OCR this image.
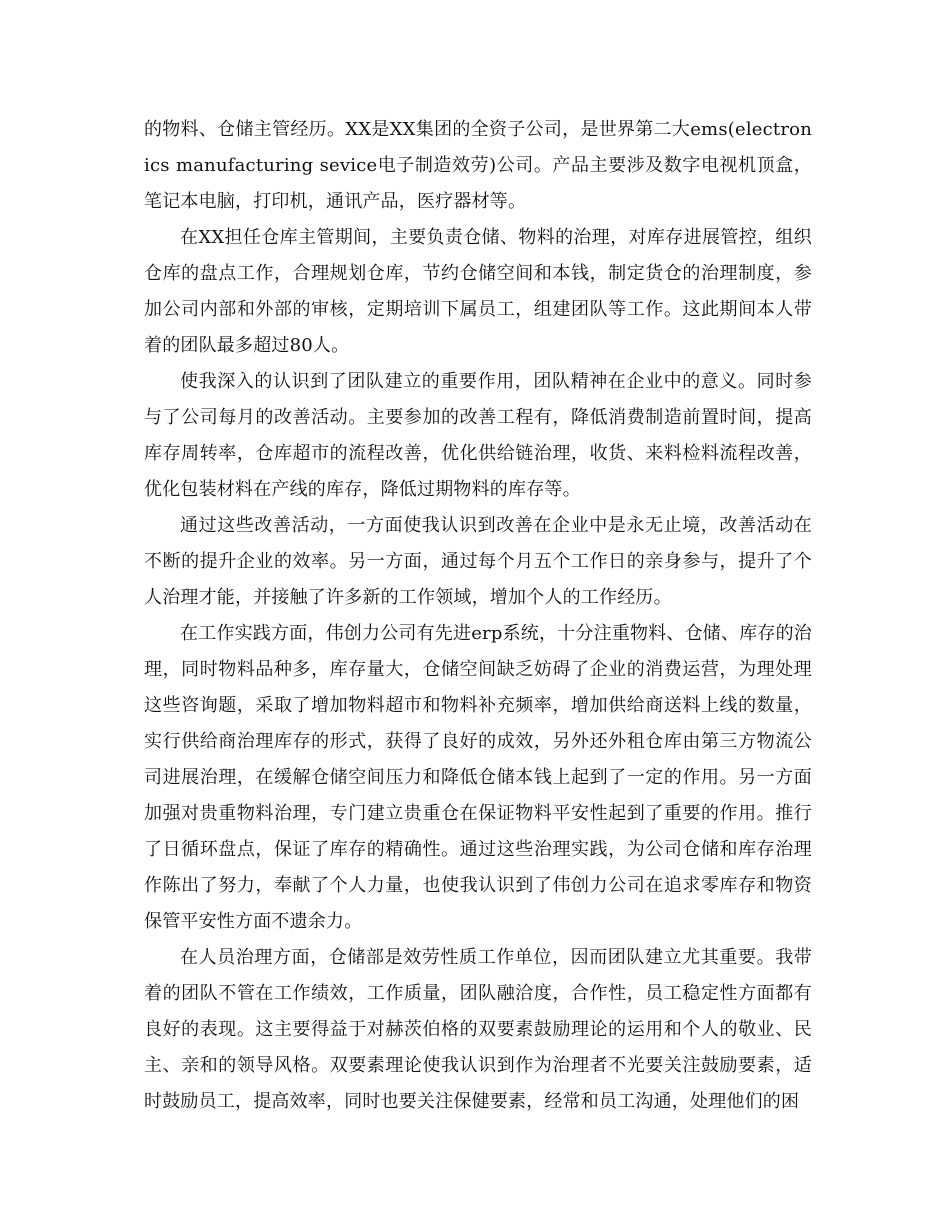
的物料、仓储主管经历。XX是XX集团的全资子公司，是世界第二大ems(electronics manufacturing sevice电子制造效劳)公司。产品主要涉及数字电视机顶盒，笔记本电脑，打印机，通讯产品，医疗器材等。

在XX担任仓库主管期间，主要负责仓储、物料的治理，对库存进展管控，组织仓库的盘点工作，合理规划仓库，节约仓储空间和本钱，制定货仓的治理制度，参加公司内部和外部的审核，定期培训下属员工，组建团队等工作。这此期间本人带着的团队最多超过80人。

使我深入的认识到了团队建立的重要作用，团队精神在企业中的意义。同时参与了公司每月的改善活动。主要参加的改善工程有，降低消费制造前置时间，提高库存周转率，仓库超市的流程改善，优化供给链治理，收货、来料检料流程改善，优化包装材料在产线的库存，降低过期物料的库存等。

通过这些改善活动，一方面使我认识到改善在企业中是永无止境，改善活动在不断的提升企业的效率。另一方面，通过每个月五个工作日的亲身参与，提升了个人治理才能，并接触了许多新的工作领域，增加个人的工作经历。

在工作实践方面，伟创力公司有先进erp系统，十分注重物料、仓储、库存的治理，同时物料品种多，库存量大，仓储空间缺乏妨碍了企业的消费运营，为理处理这些咨询题，采取了增加物料超市和物料补充频率，增加供给商送料上线的数量，实行供给商治理库存的形式，获得了良好的成效，另外还外租仓库由第三方物流公司进展治理，在缓解仓储空间压力和降低仓储本钱上起到了一定的作用。另一方面加强对贵重物料治理，专门建立贵重仓在保证物料平安性起到了重要的作用。推行了日循环盘点，保证了库存的精确性。通过这些治理实践，为公司仓储和库存治理作陈出了努力，奉献了个人力量，也使我认识到了伟创力公司在追求零库存和物资保管平安性方面不遗余力。

在人员治理方面，仓储部是效劳性质工作单位，因而团队建立尤其重要。我带着的团队不管在工作绩效，工作质量，团队融洽度，合作性，员工稳定性方面都有良好的表现。这主要得益于对赫茨伯格的双要素鼓励理论的运用和个人的敬业、民主、亲和的领导风格。双要素理论使我认识到作为治理者不光要关注鼓励要素，适时鼓励员工，提高效率，同时也要关注保健要素，经常和员工沟通，处理他们的困
